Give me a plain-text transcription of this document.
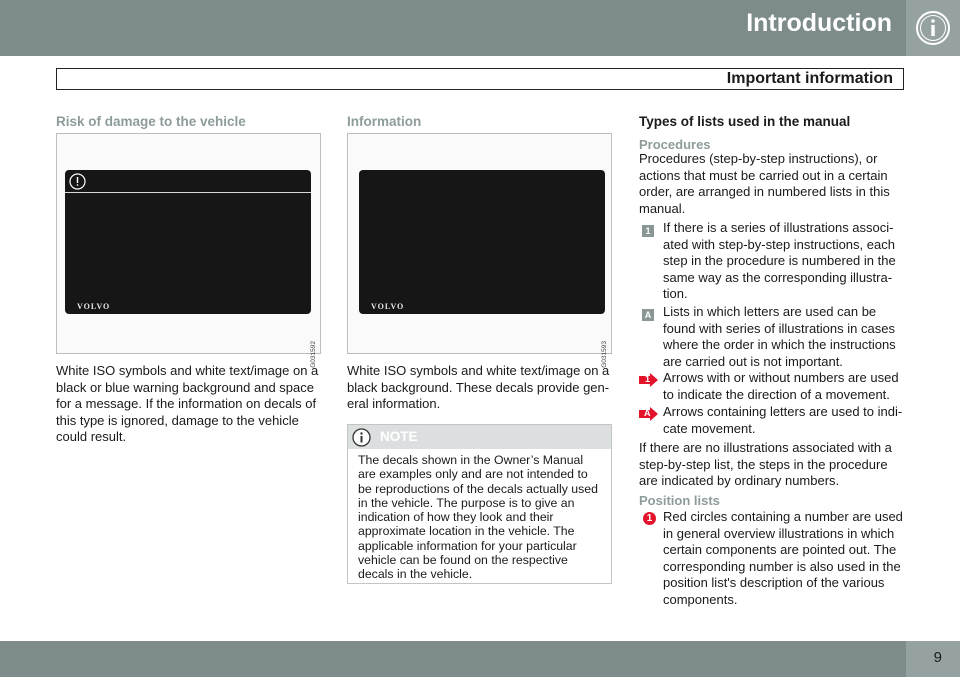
Introduction
Important information
Risk of damage to the vehicle
VOLVO
G031592
White ISO symbols and white text/image on a black or blue warning background and space for a message. If the information on decals of this type is ignored, damage to the vehicle could result.
Information
VOLVO
G031593
White ISO symbols and white text/image on a black background. These decals provide gen-eral information.
NOTE
The decals shown in the Owner’s Manual are examples only and are not intended to be reproductions of the decals actually used in the vehicle. The purpose is to give an indication of how they look and their approximate location in the vehicle. The applicable information for your particular vehicle can be found on the respective decals in the vehicle.
Types of lists used in the manual
Procedures
Procedures (step-by-step instructions), or actions that must be carried out in a certain order, are arranged in numbered lists in this manual.
1 If there is a series of illustrations associ-ated with step-by-step instructions, each step in the procedure is numbered in the same way as the corresponding illustra-tion.
A Lists in which letters are used can be found with series of illustrations in cases where the order in which the instructions are carried out is not important.
1 Arrows with or without numbers are used to indicate the direction of a movement.
A Arrows containing letters are used to indi-cate movement.
If there are no illustrations associated with a step-by-step list, the steps in the procedure are indicated by ordinary numbers.
Position lists
1 Red circles containing a number are used in general overview illustrations in which certain components are pointed out. The corresponding number is also used in the position list's description of the various components.
9
